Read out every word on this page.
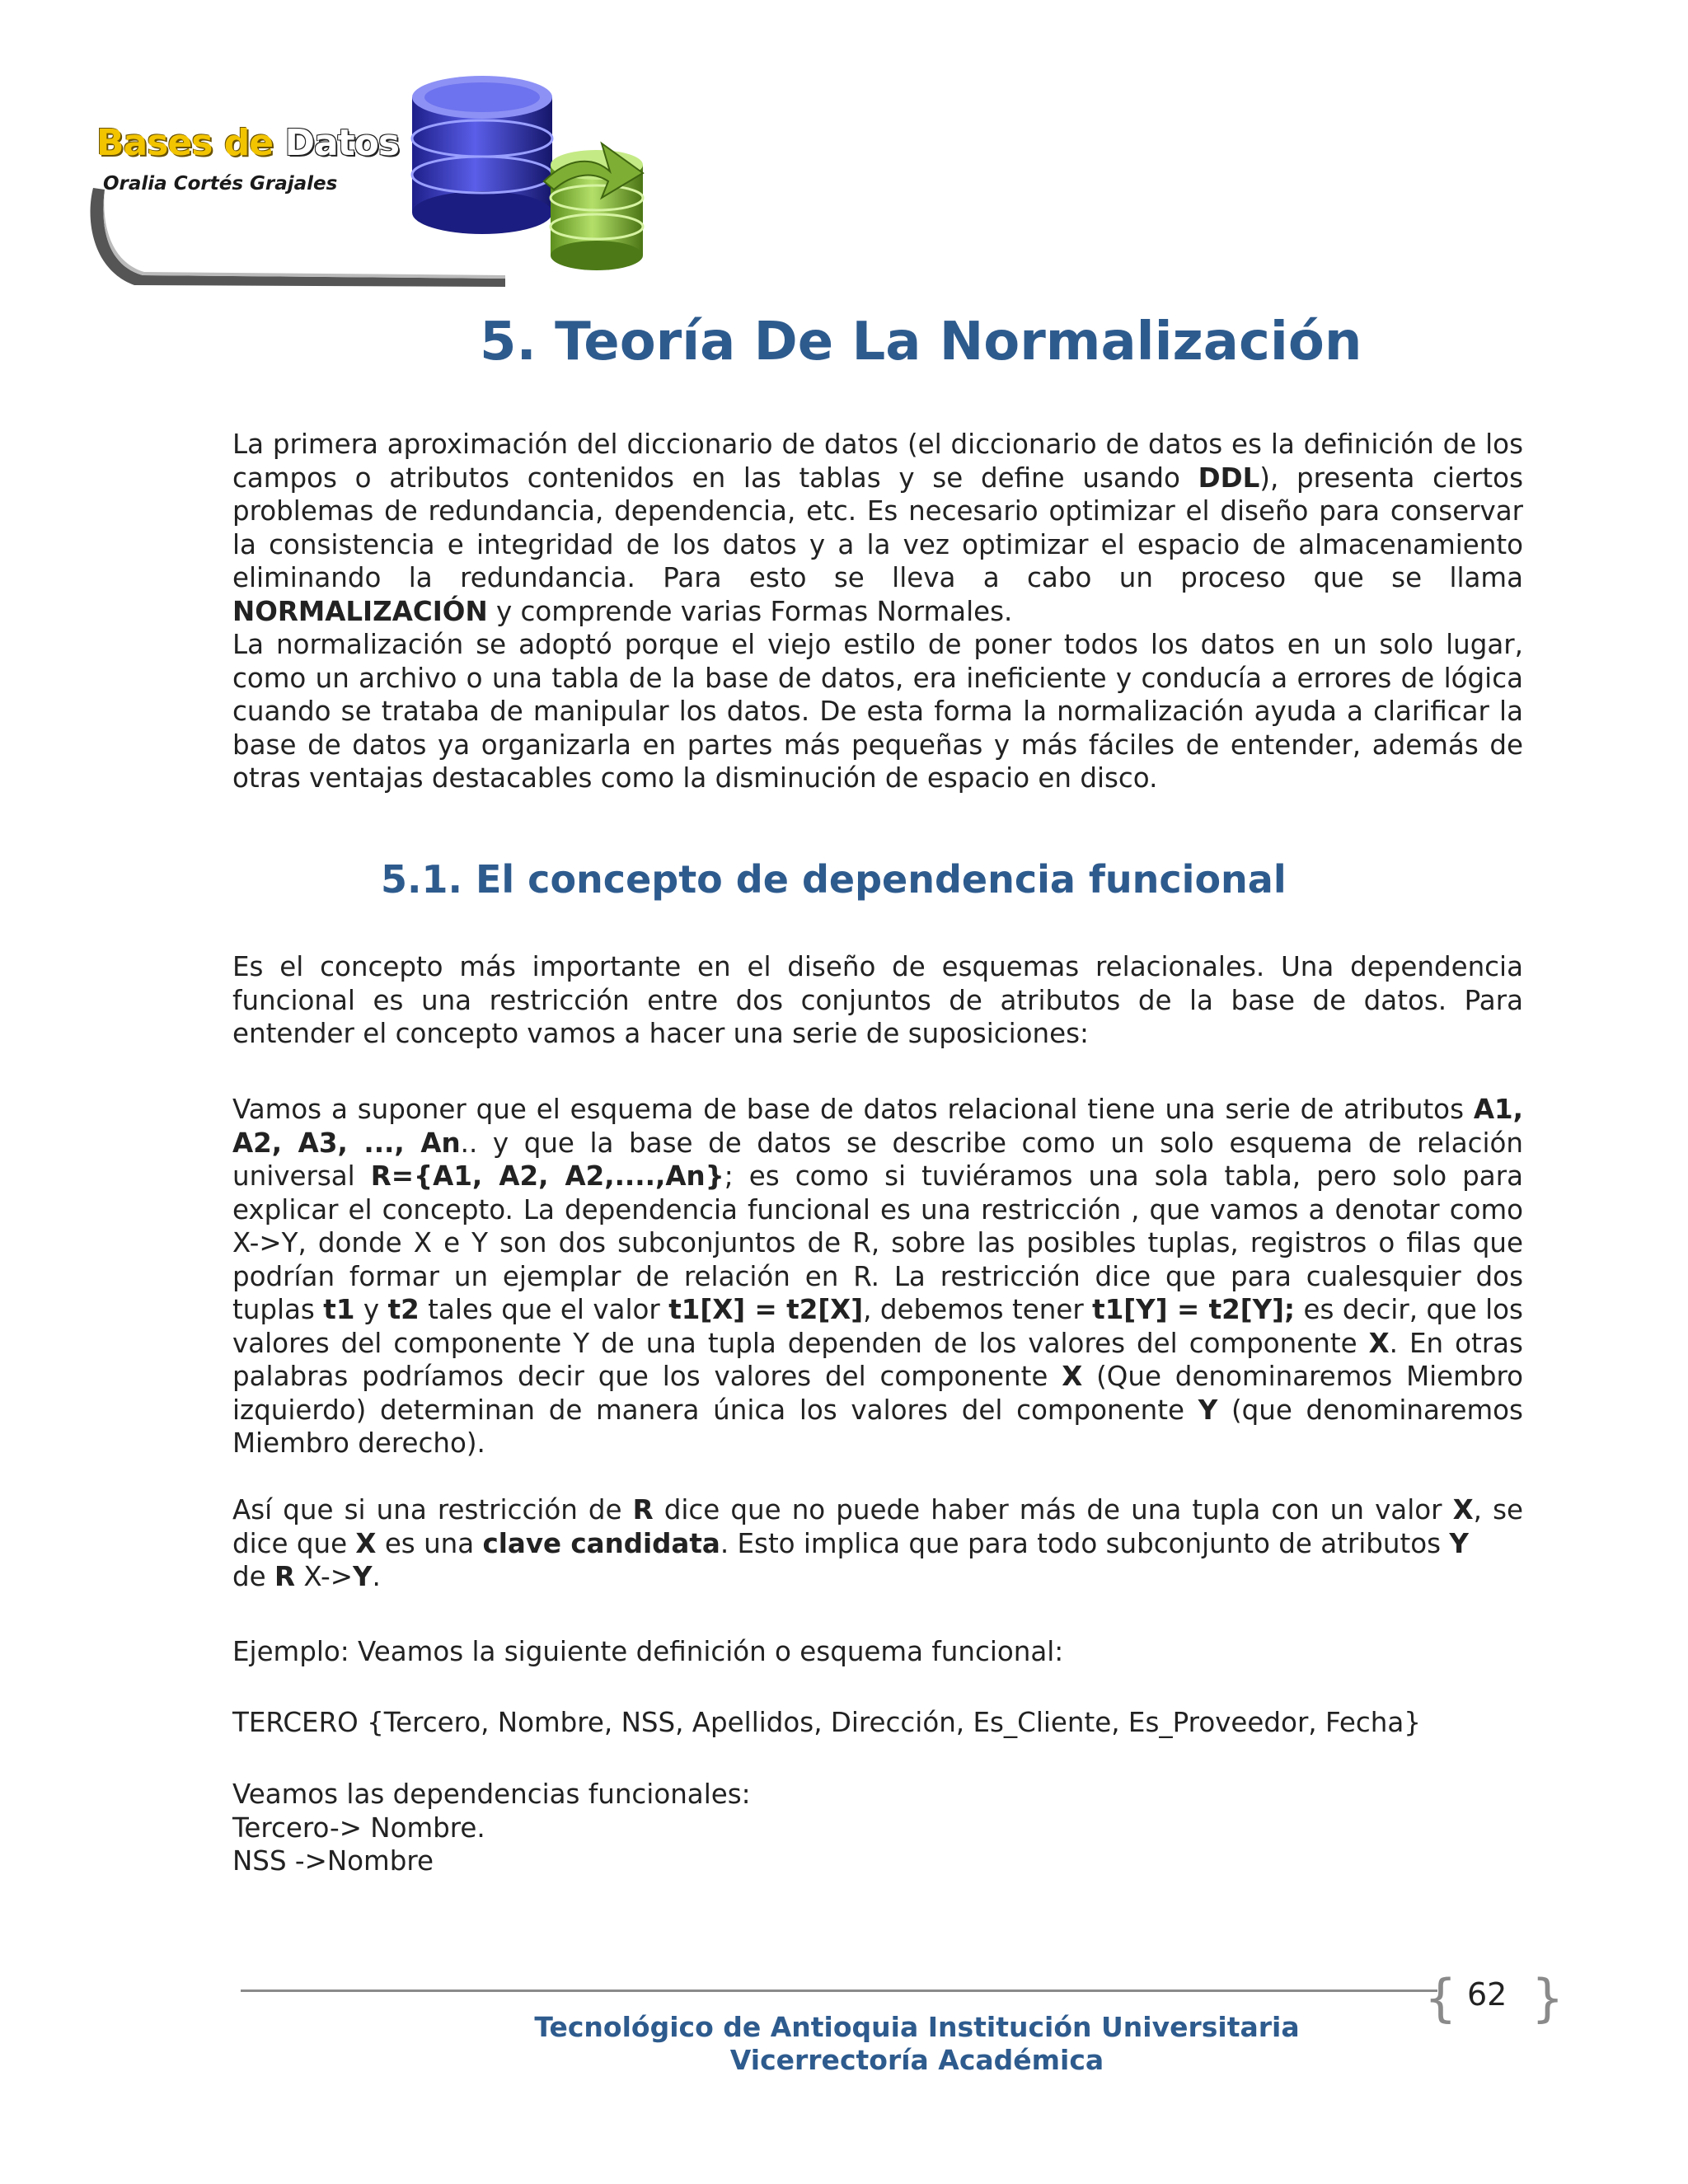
Bases de Datos
Oralia Cortés Grajales
5. Teoría De La Normalización

La primera aproximación del diccionario de datos (el diccionario de datos es la definición de los campos o atributos contenidos en las tablas y se define usando DDL), presenta ciertos problemas de redundancia, dependencia, etc. Es necesario optimizar el diseño para conservar la consistencia e integridad de los datos y a la vez optimizar el espacio de almacenamiento eliminando la redundancia. Para esto se lleva a cabo un proceso que se llama NORMALIZACIÓN y comprende varias Formas Normales.
La normalización se adoptó porque el viejo estilo de poner todos los datos en un solo lugar, como un archivo o una tabla de la base de datos, era ineficiente y conducía a errores de lógica cuando se trataba de manipular los datos. De esta forma la normalización ayuda a clarificar la base de datos ya organizarla en partes más pequeñas y más fáciles de entender, además de otras ventajas destacables como la disminución de espacio en disco.

5.1. El concepto de dependencia funcional

Es el concepto más importante en el diseño de esquemas relacionales. Una dependencia funcional es una restricción entre dos conjuntos de atributos de la base de datos. Para entender el concepto vamos a hacer una serie de suposiciones:

Vamos a suponer que el esquema de base de datos relacional tiene una serie de atributos A1, A2, A3, ..., An.. y que la base de datos se describe como un solo esquema de relación universal R={A1, A2, A2,....,An}; es como si tuviéramos una sola tabla, pero solo para explicar el concepto. La dependencia funcional es una restricción , que vamos a denotar como X->Y, donde X e Y son dos subconjuntos de R, sobre las posibles tuplas, registros o filas que podrían formar un ejemplar de relación en R. La restricción dice que para cualesquier dos tuplas t1 y t2 tales que el valor t1[X] = t2[X], debemos tener t1[Y] = t2[Y]; es decir, que los valores del componente Y de una tupla dependen de los valores del componente X. En otras palabras podríamos decir que los valores del componente X (Que denominaremos Miembro izquierdo) determinan de manera única los valores del componente Y (que denominaremos Miembro derecho).

Así que si una restricción de R dice que no puede haber más de una tupla con un valor X, se dice que X es una clave candidata. Esto implica que para todo subconjunto de atributos Y
de R X->Y.

Ejemplo: Veamos la siguiente definición o esquema funcional:

TERCERO {Tercero, Nombre, NSS, Apellidos, Dirección, Es_Cliente, Es_Proveedor, Fecha}

Veamos las dependencias funcionales:

Tercero-> Nombre.

NSS ->Nombre

{ 62 }
Tecnológico de Antioquia Institución Universitaria
Vicerrectoría Académica
